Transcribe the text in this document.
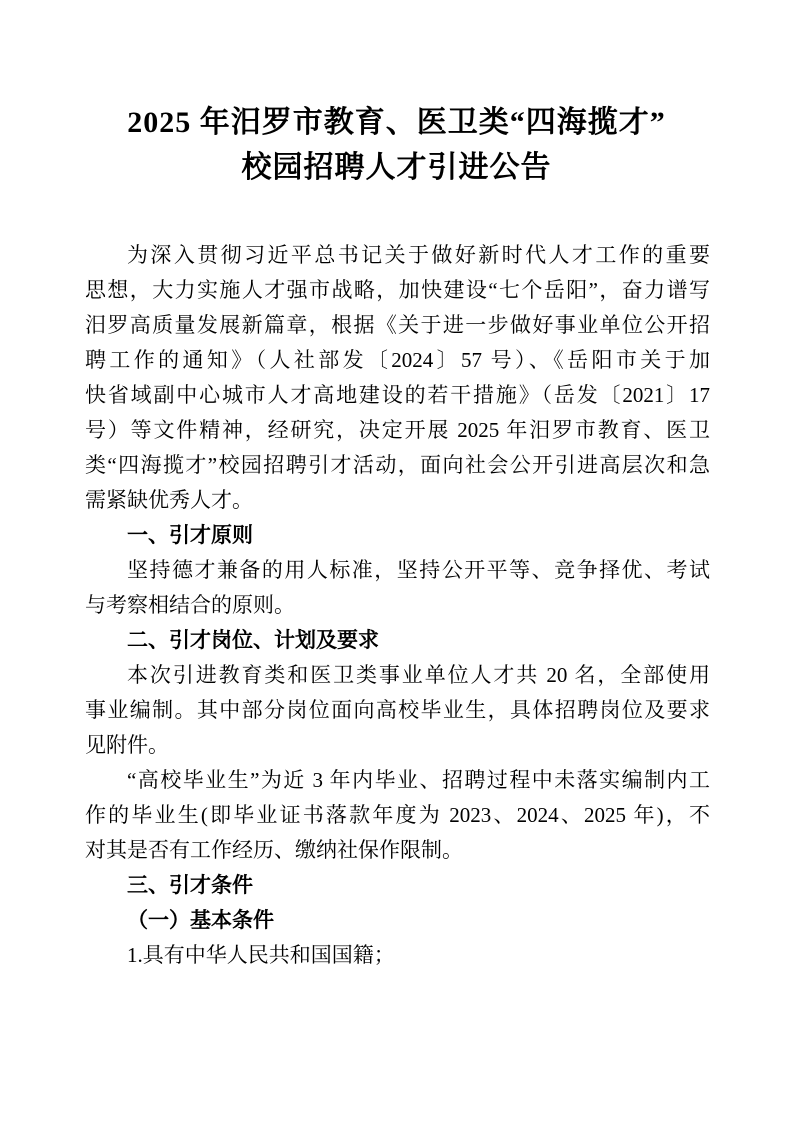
2025 年汨罗市教育、医卫类“四海揽才”
校园招聘人才引进公告
为深入贯彻习近平总书记关于做好新时代人才工作的重要
思想，大力实施人才强市战略，加快建设“七个岳阳”，奋力谱写
汨罗高质量发展新篇章，根据《关于进一步做好事业单位公开招
聘工作的通知》（人社部发〔2024〕57 号）、《岳阳市关于加
快省域副中心城市人才高地建设的若干措施》（岳发〔2021〕17
号）等文件精神，经研究，决定开展 2025 年汨罗市教育、医卫
类“四海揽才”校园招聘引才活动，面向社会公开引进高层次和急
需紧缺优秀人才。
一、引才原则
坚持德才兼备的用人标准，坚持公开平等、竞争择优、考试
与考察相结合的原则。
二、引才岗位、计划及要求
本次引进教育类和医卫类事业单位人才共 20 名，全部使用
事业编制。其中部分岗位面向高校毕业生，具体招聘岗位及要求
见附件。
“高校毕业生”为近 3 年内毕业、招聘过程中未落实编制内工
作的毕业生(即毕业证书落款年度为 2023、2024、2025 年)，不
对其是否有工作经历、缴纳社保作限制。
三、引才条件
（一）基本条件
1.具有中华人民共和国国籍；
